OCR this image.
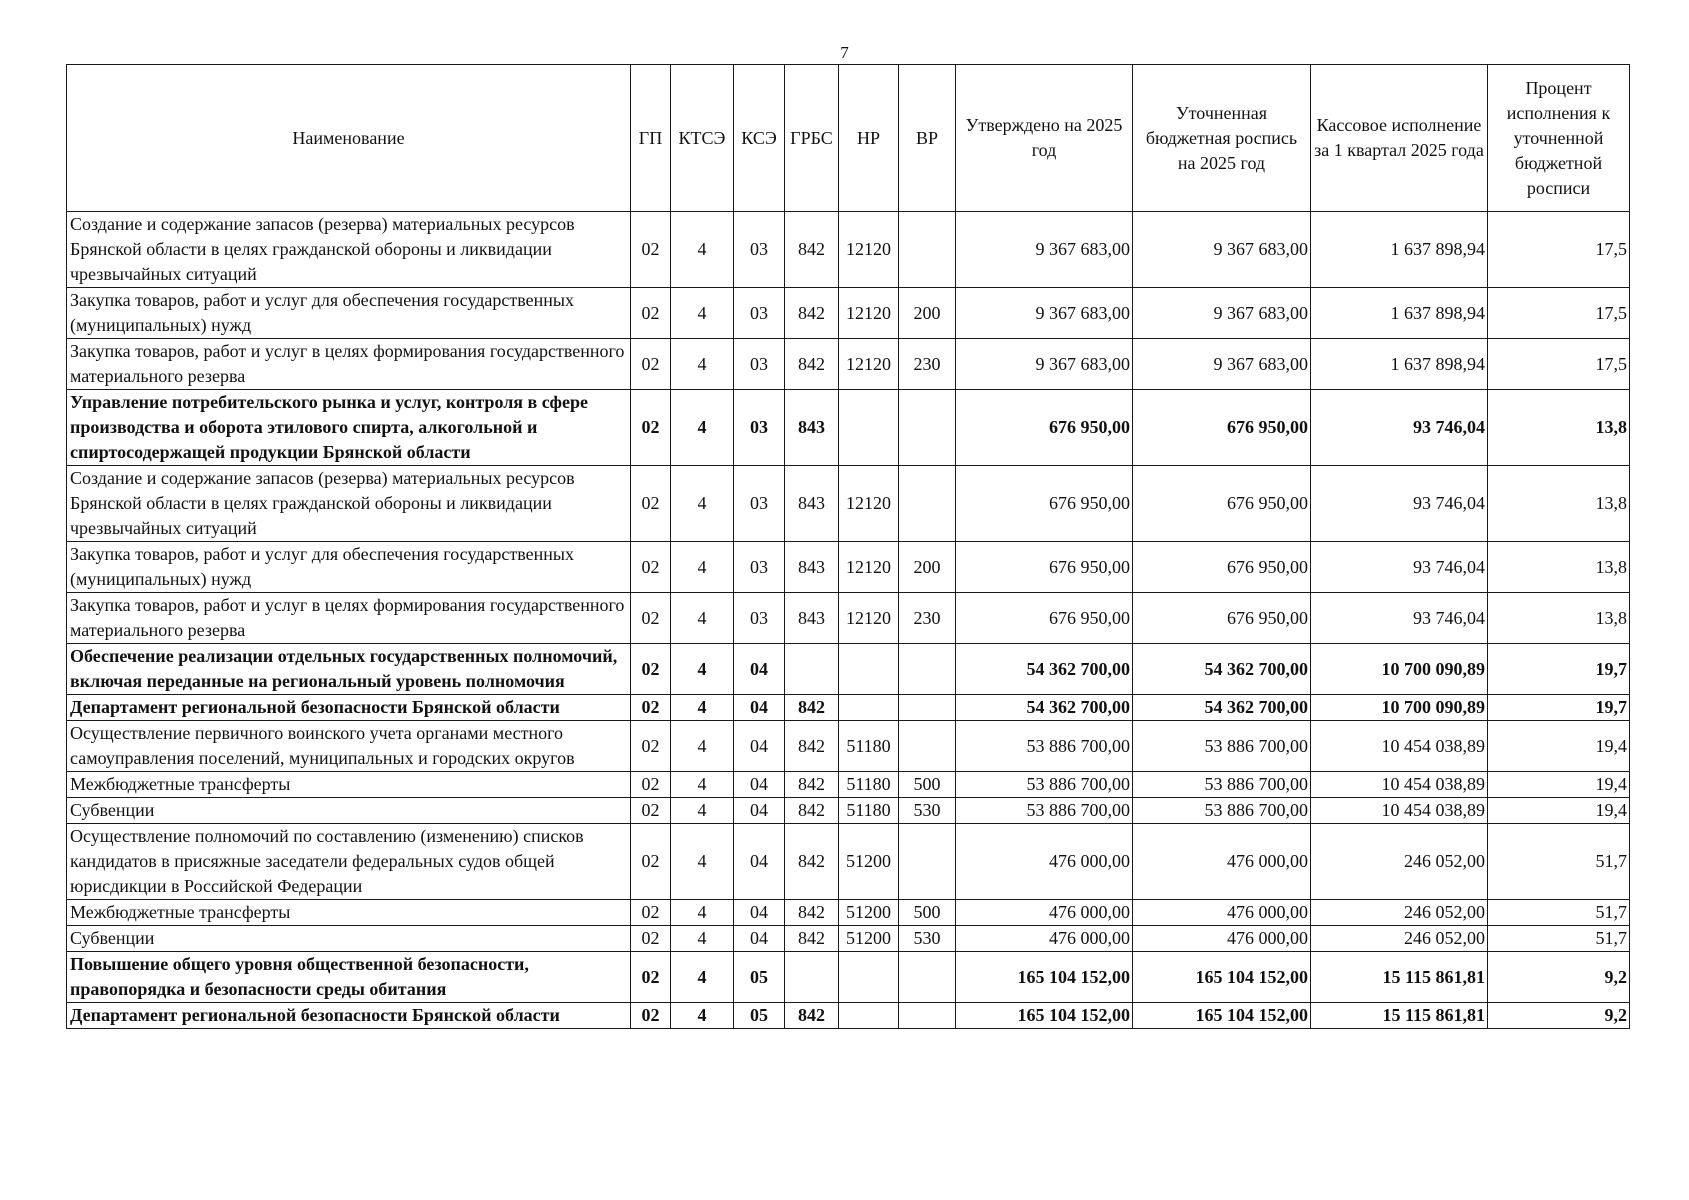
7
Наименование	ГП	КТСЭ	КСЭ	ГРБС	НР	ВР	Утверждено на 2025 год	Уточненная бюджетная роспись на 2025 год	Кассовое исполнение за 1 квартал 2025 года	Процент исполнения к уточненной бюджетной росписи
Создание и содержание запасов (резерва) материальных ресурсов Брянской области в целях гражданской обороны и ликвидации чрезвычайных ситуаций	02	4	03	842	12120		9 367 683,00	9 367 683,00	1 637 898,94	17,5
Закупка товаров, работ и услуг для обеспечения государственных (муниципальных) нужд	02	4	03	842	12120	200	9 367 683,00	9 367 683,00	1 637 898,94	17,5
Закупка товаров, работ и услуг в целях формирования государственного материального резерва	02	4	03	842	12120	230	9 367 683,00	9 367 683,00	1 637 898,94	17,5
Управление потребительского рынка и услуг, контроля в сфере производства и оборота этилового спирта, алкогольной и спиртосодержащей продукции Брянской области	02	4	03	843			676 950,00	676 950,00	93 746,04	13,8
Создание и содержание запасов (резерва) материальных ресурсов Брянской области в целях гражданской обороны и ликвидации чрезвычайных ситуаций	02	4	03	843	12120		676 950,00	676 950,00	93 746,04	13,8
Закупка товаров, работ и услуг для обеспечения государственных (муниципальных) нужд	02	4	03	843	12120	200	676 950,00	676 950,00	93 746,04	13,8
Закупка товаров, работ и услуг в целях формирования государственного материального резерва	02	4	03	843	12120	230	676 950,00	676 950,00	93 746,04	13,8
Обеспечение реализации отдельных государственных полномочий, включая переданные на региональный уровень полномочия	02	4	04				54 362 700,00	54 362 700,00	10 700 090,89	19,7
Департамент региональной безопасности Брянской области	02	4	04	842			54 362 700,00	54 362 700,00	10 700 090,89	19,7
Осуществление первичного воинского учета органами местного самоуправления поселений, муниципальных и городских округов	02	4	04	842	51180		53 886 700,00	53 886 700,00	10 454 038,89	19,4
Межбюджетные трансферты	02	4	04	842	51180	500	53 886 700,00	53 886 700,00	10 454 038,89	19,4
Субвенции	02	4	04	842	51180	530	53 886 700,00	53 886 700,00	10 454 038,89	19,4
Осуществление полномочий по составлению (изменению) списков кандидатов в присяжные заседатели федеральных судов общей юрисдикции в Российской Федерации	02	4	04	842	51200		476 000,00	476 000,00	246 052,00	51,7
Межбюджетные трансферты	02	4	04	842	51200	500	476 000,00	476 000,00	246 052,00	51,7
Субвенции	02	4	04	842	51200	530	476 000,00	476 000,00	246 052,00	51,7
Повышение общего уровня общественной безопасности, правопорядка и безопасности среды обитания	02	4	05				165 104 152,00	165 104 152,00	15 115 861,81	9,2
Департамент региональной безопасности Брянской области	02	4	05	842			165 104 152,00	165 104 152,00	15 115 861,81	9,2
